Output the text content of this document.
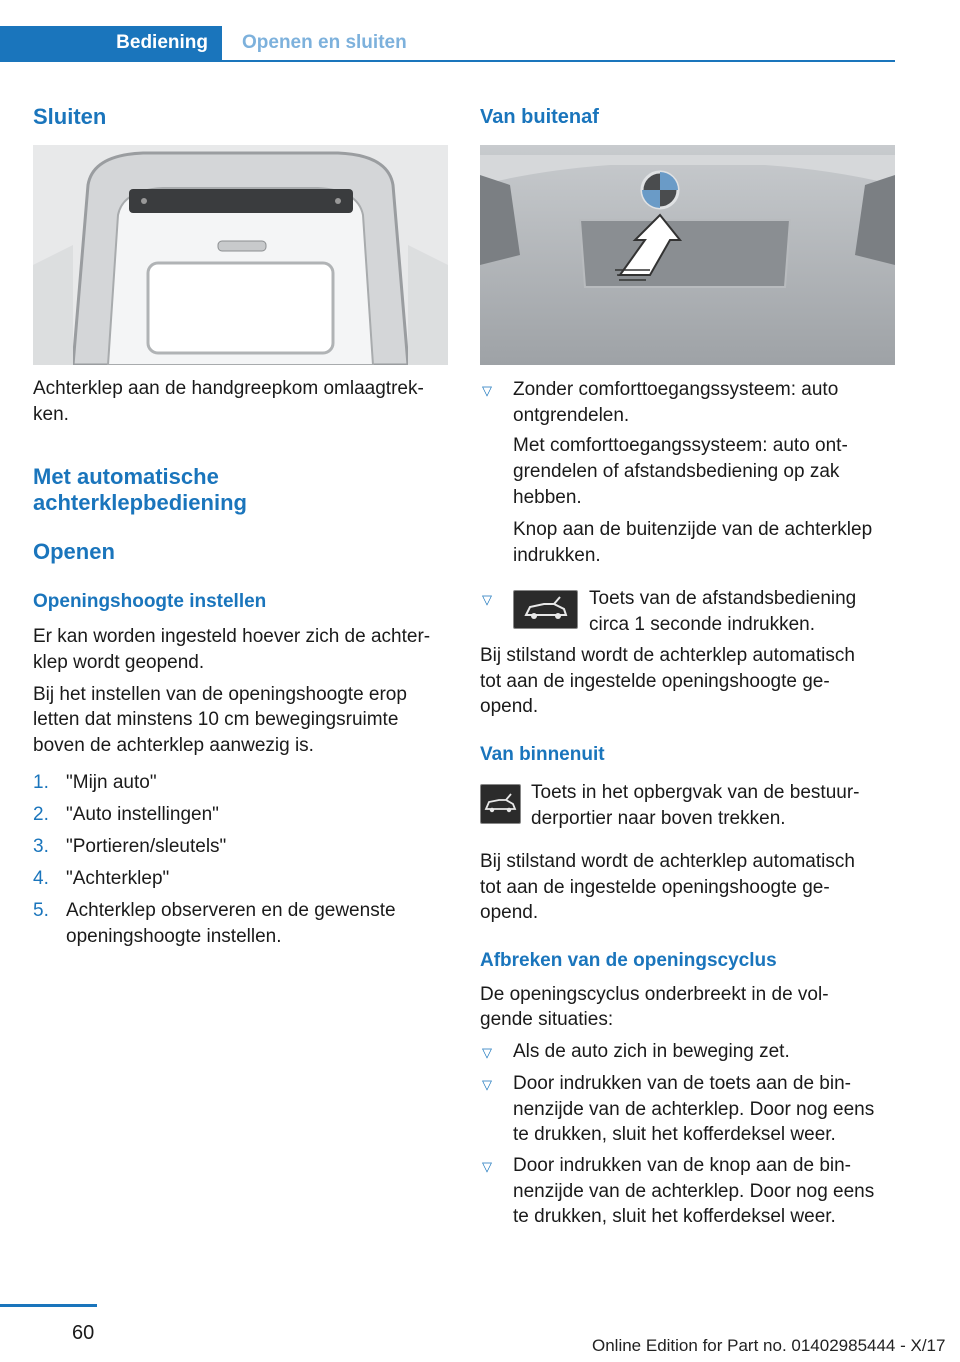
Bediening	Openen en sluiten
Sluiten
Achterklep aan de handgreepkom omlaagtrek-
ken.
Met automatische
achterklepbediening
Openen
Openingshoogte instellen
Er kan worden ingesteld hoever zich de achter-
klep wordt geopend.
Bij het instellen van de openingshoogte erop
letten dat minstens 10 cm bewegingsruimte
boven de achterklep aanwezig is.
1. "Mijn auto"
2. "Auto instellingen"
3. "Portieren/sleutels"
4. "Achterklep"
5. Achterklep observeren en de gewenste
openingshoogte instellen.
Van buitenaf
▽ Zonder comforttoegangssysteem: auto
ontgrendelen.
Met comforttoegangssysteem: auto ont-
grendelen of afstandsbediening op zak
hebben.
Knop aan de buitenzijde van de achterklep
indrukken.
▽	Toets van de afstandsbediening
circa 1 seconde indrukken.
Bij stilstand wordt de achterklep automatisch
tot aan de ingestelde openingshoogte ge-
opend.
Van binnenuit
Toets in het opbergvak van de bestuur-
derportier naar boven trekken.
Bij stilstand wordt de achterklep automatisch
tot aan de ingestelde openingshoogte ge-
opend.
Afbreken van de openingscyclus
De openingscyclus onderbreekt in de vol-
gende situaties:
▽ Als de auto zich in beweging zet.
▽ Door indrukken van de toets aan de bin-
nenzijde van de achterklep. Door nog eens
te drukken, sluit het kofferdeksel weer.
▽ Door indrukken van de knop aan de bin-
nenzijde van de achterklep. Door nog eens
te drukken, sluit het kofferdeksel weer.
60
Online Edition for Part no. 01402985444 - X/17
